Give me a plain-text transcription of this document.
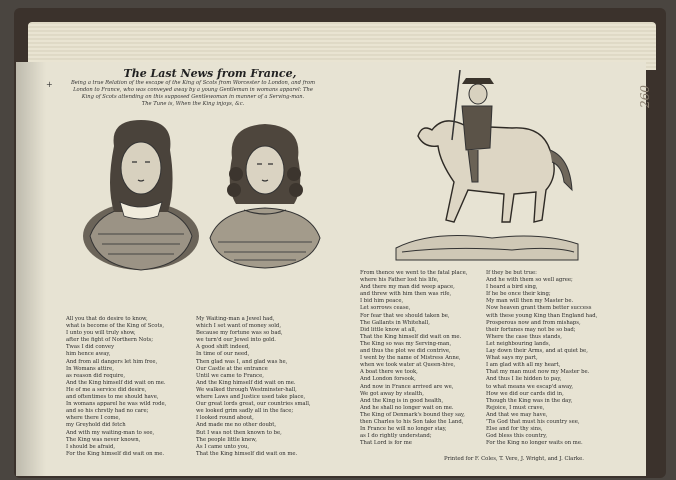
+
260
The Last News from France,
Being a true Relation of the escape of the King of Scots from Worcester to London, and from
London to France, who was conveyed away by a young Gentleman in womans apparel: The
King of Scots attending on this supposed Gentlewoman in manner of a Serving-man.
The Tune is, When the King injoys, &c.
All you that do desire to know,
what is become of the King of Scots,
I unto you will truly show,
after the fight of Northern Nots;
Twas I did convey
him hence away,
And from all dangers let him free,
In Womans attire,
as reason did require,
And the King himself did wait on me.
He of me a service did desire,
and oftentimes to me should have,
In womans apparel he was wild rode,
and so his chrstly had no care;
where there I come,
my Greyhold did fetch
And with my waiting-man to see,
The King was never known,
I should be afraid,
For the King himself did wait on me.
My Waiting-man a Jewel had,
which I set want of money sold,
Because my fortune was so bad,
we turn'd our Jewel into gold.
A good shift indeed,
In time of our need,
Then glad was I, and glad was he,
Our Castle at the entrance
Until we came to France,
And the King himself did wait on me.
We walked through Westminster-hall,
where Laws and Justice used take place,
Our great lords great, our countries small,
we looked grim sadly all in the face;
I looked round about,
And made me no other doubt,
But I was not then known to be,
The people little knew,
As I came unto you,
That the King himself did wait on me.
From thence we went to the fatal place,
where his Father lost his life,
And there my man did weep apace,
and threw with him then was rife,
I bid him peace,
Let sorrows cease,
For fear that we should taken be,
The Gallants in Whitehall,
Did little know at all,
That the King himself did wait on me.
The King so was my Serving-man,
and thus the plot we did contrive,
I went by the name of Mistress Anne,
when we took water at Queen-hive,
A boat there we took,
And London forsook,
And now in France arrived are we,
We got away by stealth,
And the King is in good health,
And he shall no longer wait on me.
The King of Denmark's bound they say,
then Charles to his Son take the Land,
In France he will no longer stay,
as I do rightly understand;
That Lord is for me
If they be but true:
And he with them so well agree;
I heard a bird sing,
If he be once their king;
My man will then my Master be.
Now heaven grant them better success
with these young King than England had,
Prosperous now and from mishaps,
their fortunes may not be so bad;
Where the case thus stands,
Let neighbouring lands,
Lay down their Arms, and at quiet be,
What says my part,
I am glad with all my heart,
That my man must now my Master be.
And thus I lie hidden to pay,
to what means we escap'd away,
How we did our cards did in,
Though the King was in the day,
Rejoice, I must crave,
And that we may have,
'Tis God that must his country see,
Else and for thy sins,
God bless this country,
For the King no longer waits on me.
Printed for F. Coles, T. Vere, J. Wright, and J. Clarke.
